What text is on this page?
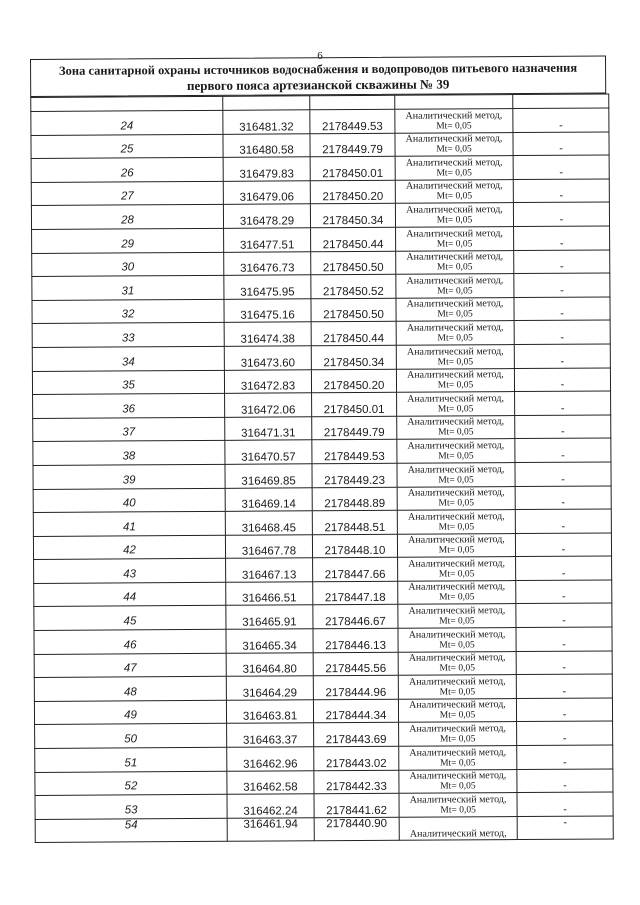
6
Зона санитарной охраны источников водоснабжения и водопроводов питьевого назначения
первого пояса артезианской скважины № 39

24	316481.32	2178449.53	Аналитический метод,
Mt= 0,05	-
25	316480.58	2178449.79	Аналитический метод,
Mt= 0,05	-
26	316479.83	2178450.01	Аналитический метод,
Mt= 0,05	-
27	316479.06	2178450.20	Аналитический метод,
Mt= 0,05	-
28	316478.29	2178450.34	Аналитический метод,
Mt= 0,05	-
29	316477.51	2178450.44	Аналитический метод,
Mt= 0,05	-
30	316476.73	2178450.50	Аналитический метод,
Mt= 0,05	-
31	316475.95	2178450.52	Аналитический метод,
Mt= 0,05	-
32	316475.16	2178450.50	Аналитический метод,
Mt= 0,05	-
33	316474.38	2178450.44	Аналитический метод,
Mt= 0,05	-
34	316473.60	2178450.34	Аналитический метод,
Mt= 0,05	-
35	316472.83	2178450.20	Аналитический метод,
Mt= 0,05	-
36	316472.06	2178450.01	Аналитический метод,
Mt= 0,05	-
37	316471.31	2178449.79	Аналитический метод,
Mt= 0,05	-
38	316470.57	2178449.53	Аналитический метод,
Mt= 0,05	-
39	316469.85	2178449.23	Аналитический метод,
Mt= 0,05	-
40	316469.14	2178448.89	Аналитический метод,
Mt= 0,05	-
41	316468.45	2178448.51	Аналитический метод,
Mt= 0,05	-
42	316467.78	2178448.10	Аналитический метод,
Mt= 0,05	-
43	316467.13	2178447.66	Аналитический метод,
Mt= 0,05	-
44	316466.51	2178447.18	Аналитический метод,
Mt= 0,05	-
45	316465.91	2178446.67	Аналитический метод,
Mt= 0,05	-
46	316465.34	2178446.13	Аналитический метод,
Mt= 0,05	-
47	316464.80	2178445.56	Аналитический метод,
Mt= 0,05	-
48	316464.29	2178444.96	Аналитический метод,
Mt= 0,05	-
49	316463.81	2178444.34	Аналитический метод,
Mt= 0,05	-
50	316463.37	2178443.69	Аналитический метод,
Mt= 0,05	-
51	316462.96	2178443.02	Аналитический метод,
Mt= 0,05	-
52	316462.58	2178442.33	Аналитический метод,
Mt= 0,05	-
53	316462.24	2178441.62	Аналитический метод,
Mt= 0,05	-
54	316461.94	2178440.90	Аналитический метод,	-
